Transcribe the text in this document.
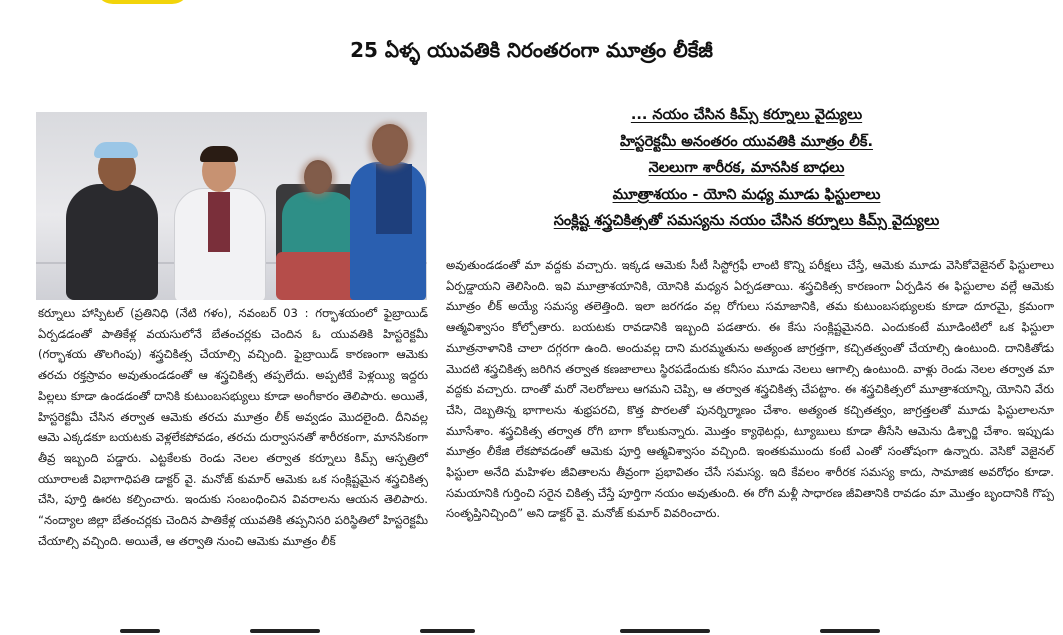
25 ఏళ్ళ యువతికి నిరంతరంగా మూత్రం లీకేజీ
... నయం చేసిన కిమ్స్ కర్నూలు వైద్యులు
హిస్టరెక్టమీ అనంతరం యువతికి మూత్రం లీక్.
నెలలుగా శారీరక, మానసిక బాధలు
మూత్రాశయం - యోని మధ్య మూడు ఫిస్టులాలు
సంక్లిష్ట శస్త్రచికిత్సతో సమస్యను నయం చేసిన కర్నూలు కిమ్స్ వైద్యులు

కర్నూలు హాస్పిటల్ (ప్రతినిధి (నేటి గళం), నవంబర్ 03 : గర్భాశయంలో ఫైబ్రాయిడ్ ఏర్పడడంతో పాతికేళ్ల వయసులోనే బేతంచర్లకు చెందిన ఓ యువతికి హిస్టరెక్టమీ (గర్భాశయ తొలగింపు) శస్త్రచికిత్స చేయాల్సి వచ్చింది. ఫైబ్రాయిడ్ కారణంగా ఆమెకు తరచు రక్తస్రావం అవుతుండడంతో ఆ శస్త్రచికిత్స తప్పలేదు. అప్పటికే పెళ్లయ్యి ఇద్దరు పిల్లలు కూడా ఉండడంతో దానికి కుటుంబసభ్యులు కూడా అంగీకారం తెలిపారు. అయితే, హిస్టరెక్టమీ చేసిన తర్వాత ఆమెకు తరచు మూత్రం లీక్ అవ్వడం మొదలైంది. దీనివల్ల ఆమె ఎక్కడకూ బయటకు వెళ్లలేకపోవడం, తరచు దుర్వాసనతో శారీరకంగా, మానసికంగా తీవ్ర ఇబ్బంది పడ్డారు. ఎట్టకేలకు రెండు నెలల తర్వాత కర్నూలు కిమ్స్ ఆస్పత్రిలో యూరాలజీ విభాగాధిపతి డాక్టర్ వై. మనోజ్ కుమార్ ఆమెకు ఒక సంక్లిష్టమైన శస్త్రచికిత్స చేసి, పూర్తి ఊరట కల్పించారు. ఇందుకు సంబంధించిన వివరాలను ఆయన తెలిపారు. “నంద్యాల జిల్లా బేతంచర్లకు చెందిన పాతికేళ్ల యువతికి తప్పనిసరి పరిస్థితిలో హిస్టరెక్టమీ చేయాల్సి వచ్చింది. అయితే, ఆ తర్వాతి నుంచి ఆమెకు మూత్రం లీక్

అవుతుండడంతో మా వద్దకు వచ్చారు. ఇక్కడ ఆమెకు సీటీ సిస్టోగ్రఫీ లాంటి కొన్ని పరీక్షలు చేస్తే, ఆమెకు మూడు వెసికోవెజైనల్ ఫిస్టులాలు ఏర్పడ్డాయని తెలిసింది. ఇవి మూత్రాశయానికి, యోనికి మధ్యన ఏర్పడతాయి. శస్త్రచికిత్స కారణంగా ఏర్పడిన ఈ ఫిస్టులాల వల్లే ఆమెకు మూత్రం లీక్ అయ్యే సమస్య తలెత్తింది. ఇలా జరగడం వల్ల రోగులు సమాజానికి, తమ కుటుంబసభ్యులకు కూడా దూరమై, క్రమంగా ఆత్మవిశ్వాసం కోల్పోతారు. బయటకు రావడానికి ఇబ్బంది పడతారు. ఈ కేసు సంక్లిష్టమైనది. ఎందుకంటే మూడింటిలో ఒక ఫిస్టులా మూత్రనాళానికి చాలా దగ్గరగా ఉంది. అందువల్ల దాని మరమ్మతును అత్యంత జాగ్రత్తగా, కచ్చితత్వంతో చేయాల్సి ఉంటుంది. దానికితోడు మొదటి శస్త్రచికిత్స జరిగిన తర్వాత కణజాలాలు స్థిరపడేందుకు కనీసం మూడు నెలలు ఆగాల్సి ఉంటుంది. వాళ్లు రెండు నెలల తర్వాత మా వద్దకు వచ్చారు. దాంతో మరో నెలరోజులు ఆగమని చెప్పి, ఆ తర్వాత శస్త్రచికిత్స చేపట్టాం. ఈ శస్త్రచికిత్సలో మూత్రాశయాన్ని, యోనిని వేరు చేసి, దెబ్బతిన్న భాగాలను శుభ్రపరచి, కొత్త పొరలతో పునర్నిర్మాణం చేశాం. అత్యంత కచ్చితత్వం, జాగ్రత్తలతో మూడు ఫిస్టులాలనూ మూసేశాం. శస్త్రచికిత్స తర్వాత రోగి బాగా కోలుకున్నారు. మొత్తం క్యాథెటర్లు, ట్యూబులు కూడా తీసేసి ఆమెను డిశ్చార్జి చేశాం. ఇప్పుడు మూత్రం లీకేజి లేకపోవడంతో ఆమెకు పూర్తి ఆత్మవిశ్వాసం వచ్చింది. ఇంతకుముందు కంటే ఎంతో సంతోషంగా ఉన్నారు. వెసికో వెజైనల్ ఫిస్టులా అనేది మహిళల జీవితాలను తీవ్రంగా ప్రభావితం చేసే సమస్య. ఇది కేవలం శారీరక సమస్య కాదు, సామాజిక అవరోధం కూడా. సమయానికి గుర్తించి సరైన చికిత్స చేస్తే పూర్తిగా నయం అవుతుంది. ఈ రోగి మళ్లీ సాధారణ జీవితానికి రావడం మా మొత్తం బృందానికి గొప్ప సంతృప్తినిచ్చింది” అని డాక్టర్ వై. మనోజ్ కుమార్ వివరించారు.
